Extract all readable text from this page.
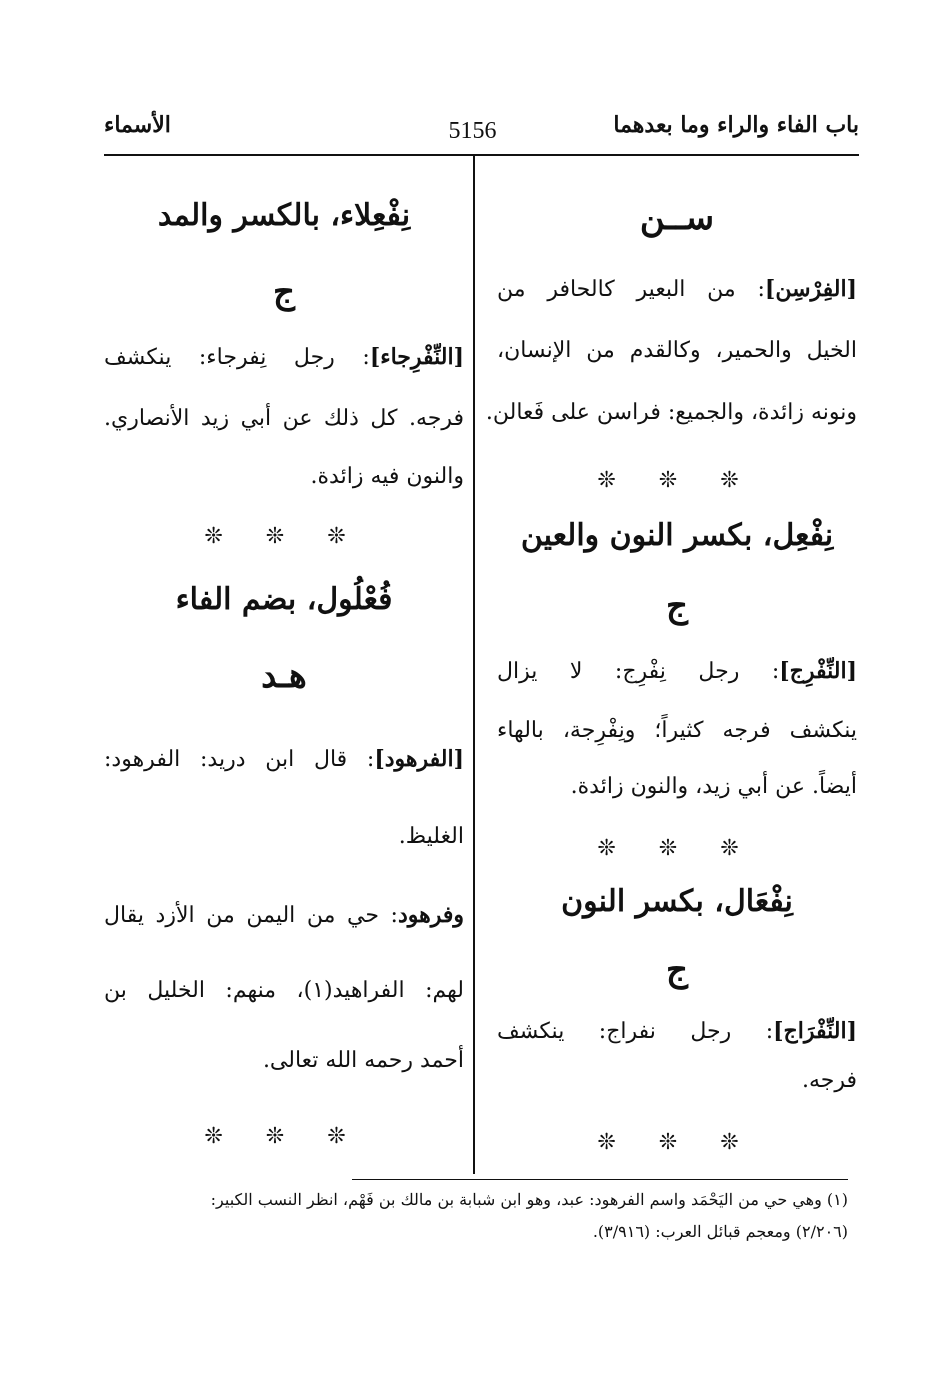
باب الفاء والراء وما بعدهما
5156
الأسماء
ســن
[الفِرْسِن]: من البعير كالحافر من
الخيل والحمير، وكالقدم من الإنسان،
ونونه زائدة، والجميع: فراسن على فَعالن.
❊ ❊ ❊
نِفْعِل، بكسر النون والعين
ج
[النِّفْرِج]: رجل نِفْرِج: لا يزال
ينكشف فرجه كثيراً؛ ونِفْرِجة، بالهاء
أيضاً. عن أبي زيد، والنون زائدة.
❊ ❊ ❊
نِفْعَال، بكسر النون
ج
[النِّفْرَاج]: رجل نفراج: ينكشف
فرجه.
❊ ❊ ❊
نِفْعِلاء، بالكسر والمد
ج
[النِّفْرِجاء]: رجل نِفرجاء: ينكشف
فرجه. كل ذلك عن أبي زيد الأنصاري.
والنون فيه زائدة.
❊ ❊ ❊
فُعْلُول، بضم الفاء
هـد
[الفرهود]: قال ابن دريد: الفرهود:
الغليظ.
وفرهود: حي من اليمن من الأزد يقال
لهم: الفراهيد(١)، منهم: الخليل بن
أحمد رحمه الله تعالى.
❊ ❊ ❊
(١) وهي حي من اليَحْمَد واسم الفرهود: عبد، وهو ابن شبابة بن مالك بن فَهْم، انظر النسب الكبير:
(٢/٢٠٦) ومعجم قبائل العرب: (٣/٩١٦).
